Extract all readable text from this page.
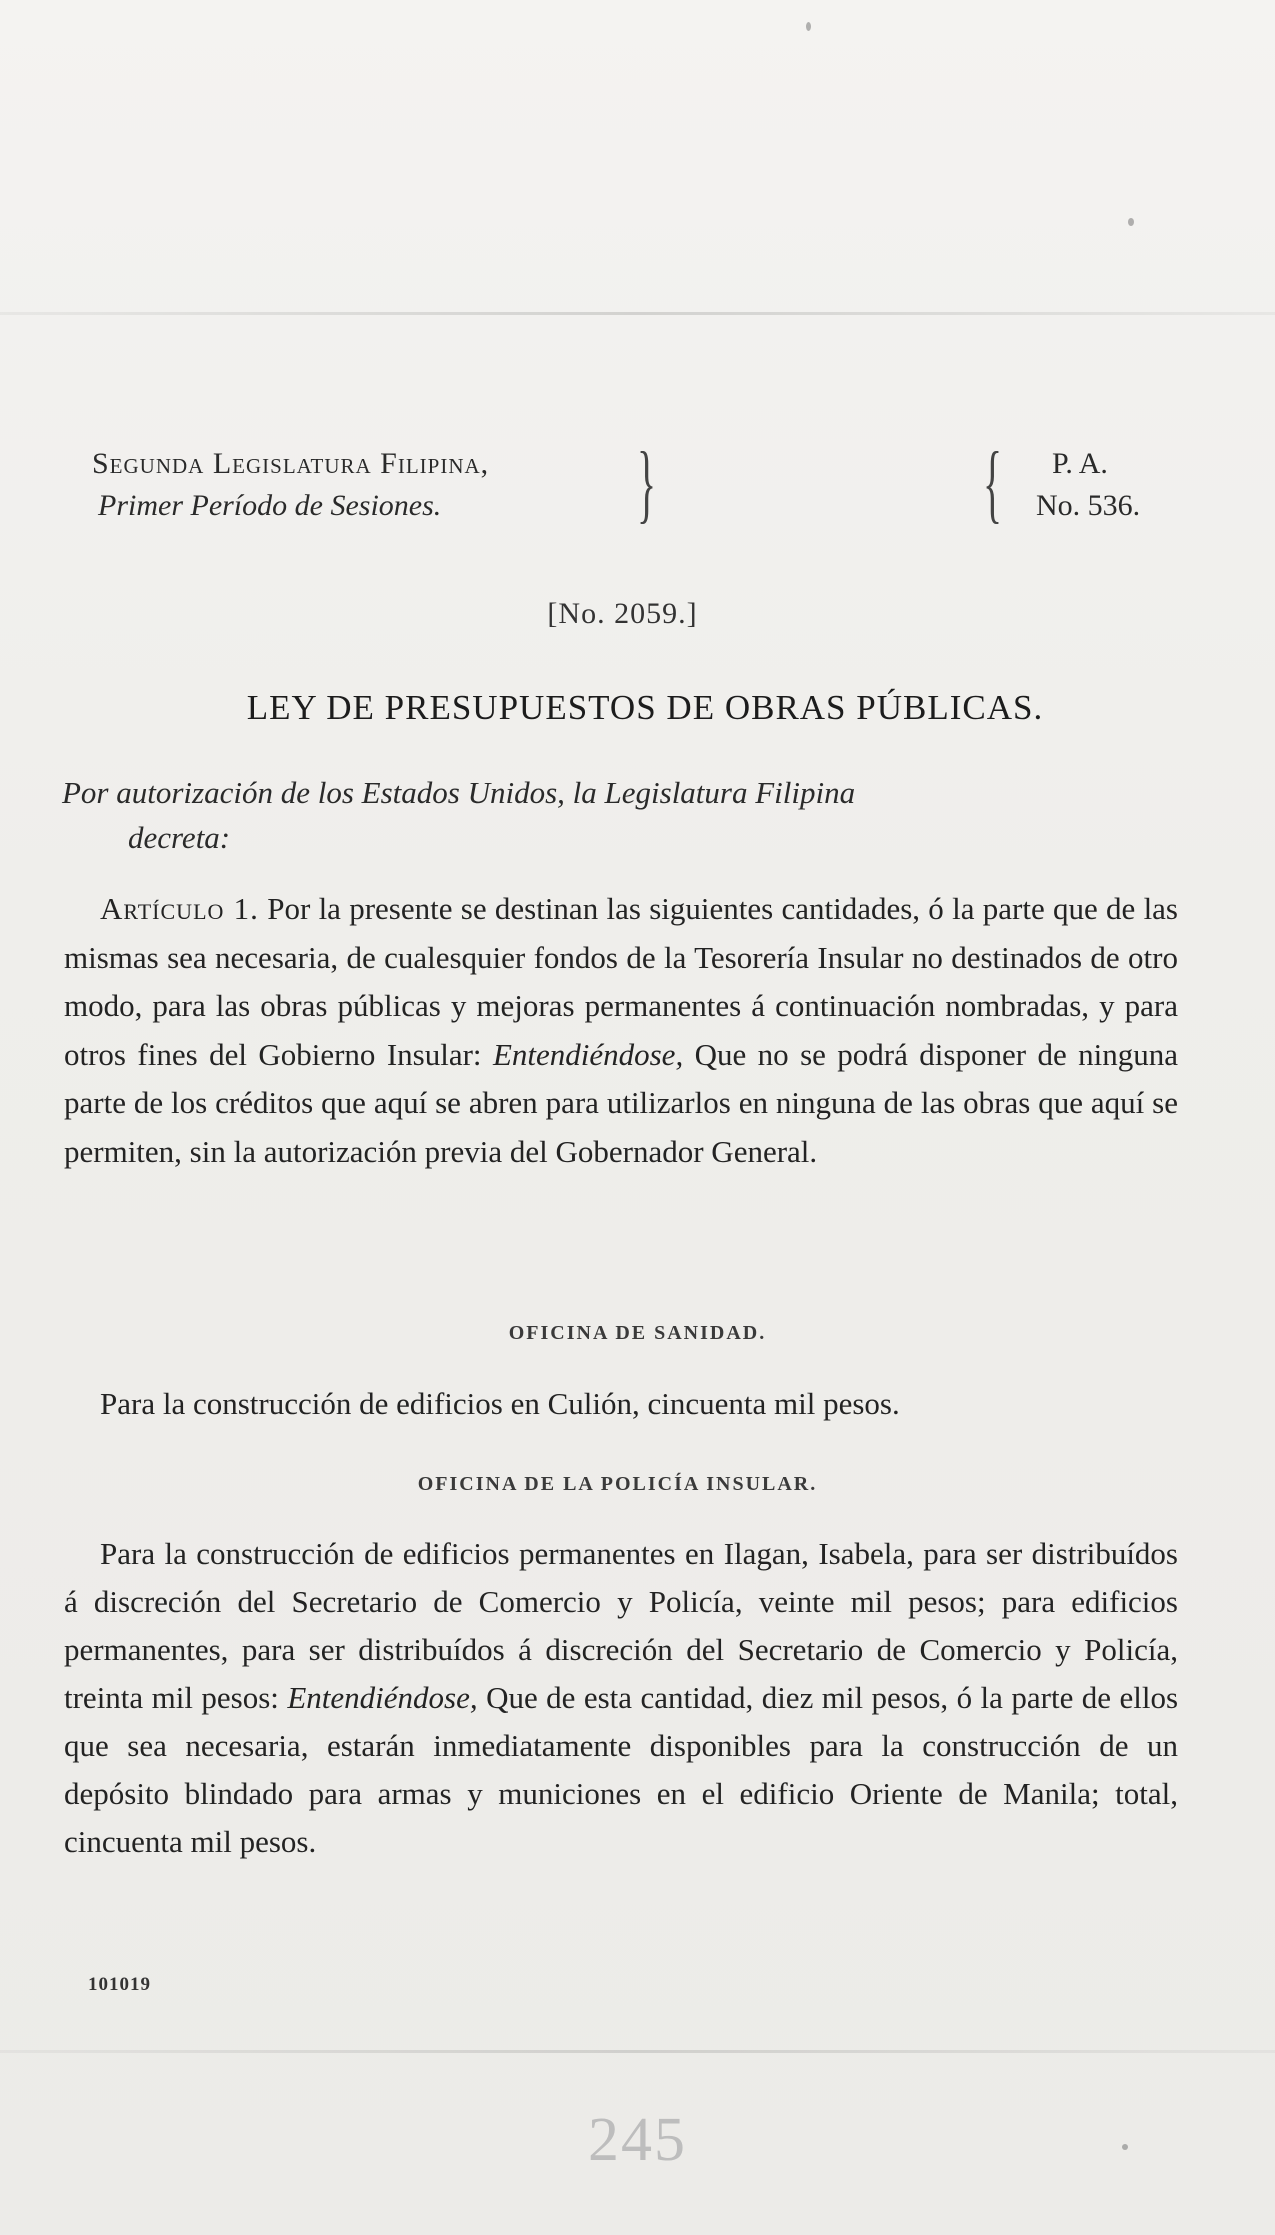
Segunda Legislatura Filipina,
Primer Período de Sesiones.	}	{	P. A.
No. 536.
[No. 2059.]
LEY DE PRESUPUESTOS DE OBRAS PÚBLICAS.
Por autorización de los Estados Unidos, la Legislatura Filipina
decreta:
Artículo 1. Por la presente se destinan las siguientes cantidades, ó la parte que de las mismas sea necesaria, de cualesquier fondos de la Tesorería Insular no destinados de otro modo, para las obras públicas y mejoras permanentes á continuación nombradas, y para otros fines del Gobierno Insular: Entendiéndose, Que no se podrá disponer de ninguna parte de los créditos que aquí se abren para utilizarlos en ninguna de las obras que aquí se permiten, sin la autorización previa del Gobernador General.
OFICINA DE SANIDAD.
Para la construcción de edificios en Culión, cincuenta mil pesos.
OFICINA DE LA POLICÍA INSULAR.
Para la construcción de edificios permanentes en Ilagan, Isabela, para ser distribuídos á discreción del Secretario de Comercio y Policía, veinte mil pesos; para edificios permanentes, para ser distribuídos á discreción del Secretario de Comercio y Policía, treinta mil pesos: Entendiéndose, Que de esta cantidad, diez mil pesos, ó la parte de ellos que sea necesaria, estarán inmediatamente disponibles para la construcción de un depósito blindado para armas y municiones en el edificio Oriente de Manila; total, cincuenta mil pesos.
101019
245
